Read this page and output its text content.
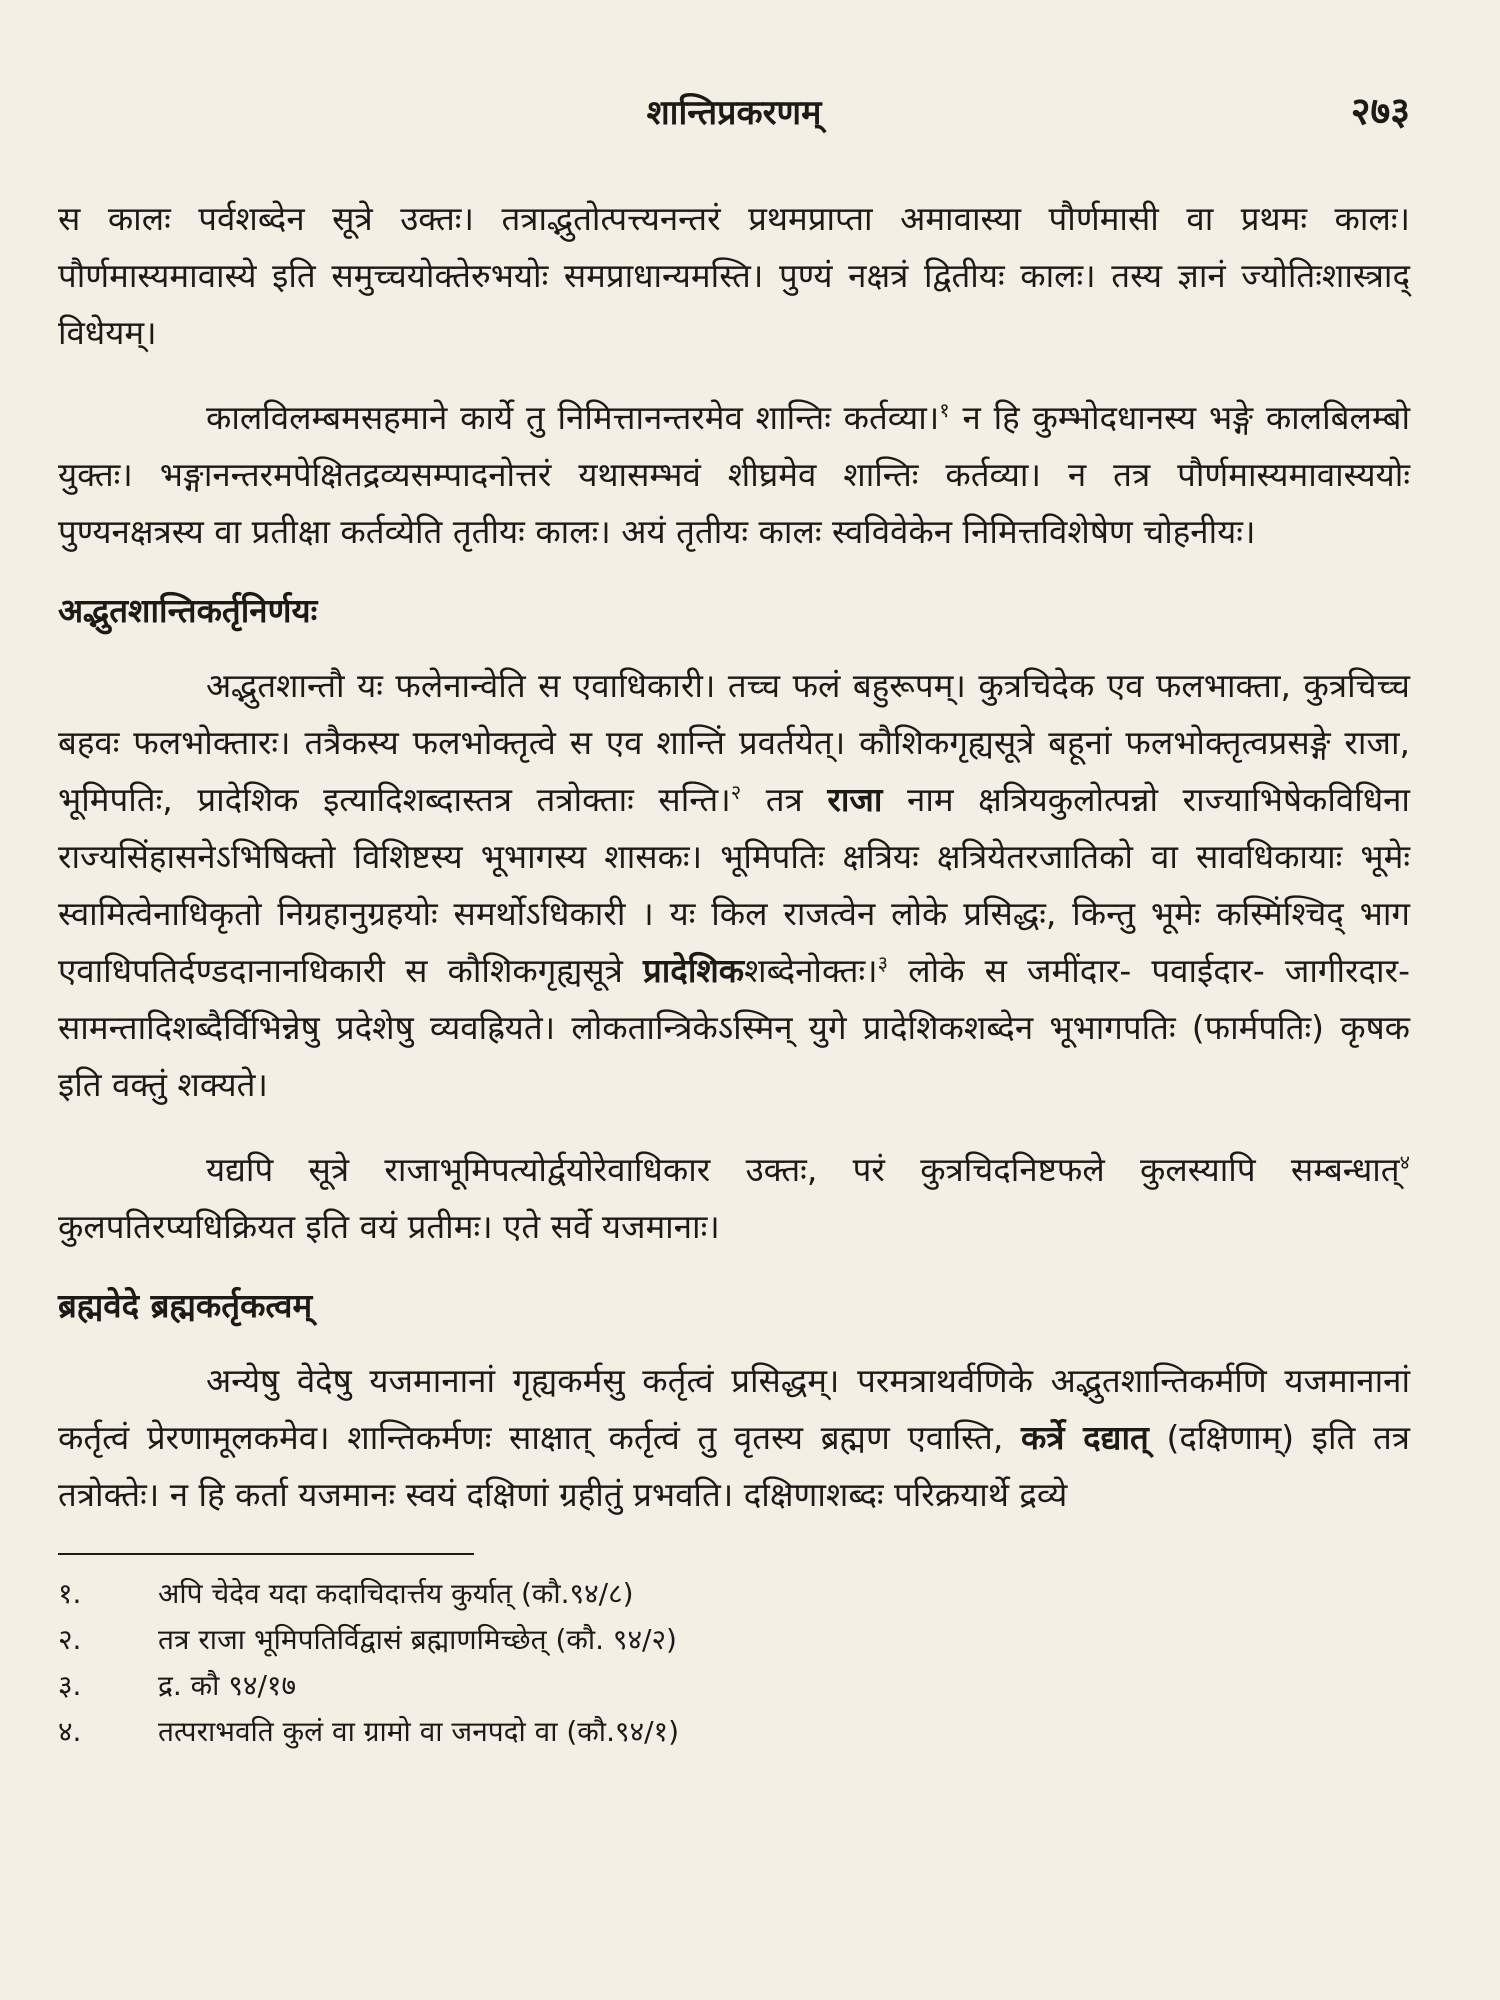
शान्तिप्रकरणम्	२७३

स कालः पर्वशब्देन सूत्रे उक्तः। तत्राद्भुतोत्पत्त्यनन्तरं प्रथमप्राप्ता अमावास्या पौर्णमासी वा प्रथमः कालः। पौर्णमास्यमावास्ये इति समुच्चयोक्तेरुभयोः समप्राधान्यमस्ति। पुण्यं नक्षत्रं द्वितीयः कालः। तस्य ज्ञानं ज्योतिःशास्त्राद् विधेयम्।

कालविलम्बमसहमाने कार्ये तु निमित्तानन्तरमेव शान्तिः कर्तव्या।$^१$ न हि कुम्भोदधानस्य भङ्गे कालबिलम्बो युक्तः। भङ्गानन्तरमपेक्षितद्रव्यसम्पादनोत्तरं यथासम्भवं शीघ्रमेव शान्तिः कर्तव्या। न तत्र पौर्णमास्यमावास्ययोः पुण्यनक्षत्रस्य वा प्रतीक्षा कर्तव्येति तृतीयः कालः। अयं तृतीयः कालः स्वविवेकेन निमित्तविशेषेण चोहनीयः।

अद्भुतशान्तिकर्तृनिर्णयः

अद्भुतशान्तौ यः फलेनान्वेति स एवाधिकारी। तच्च फलं बहुरूपम्। कुत्रचिदेक एव फलभाक्ता, कुत्रचिच्च बहवः फलभोक्तारः। तत्रैकस्य फलभोक्तृत्वे स एव शान्तिं प्रवर्तयेत्। कौशिकगृह्यसूत्रे बहूनां फलभोक्तृत्वप्रसङ्गे राजा, भूमिपतिः, प्रादेशिक इत्यादिशब्दास्तत्र तत्रोक्ताः सन्ति।$^२$ तत्र राजा नाम क्षत्रियकुलोत्पन्नो राज्याभिषेकविधिना राज्यसिंहासनेऽभिषिक्तो विशिष्टस्य भूभागस्य शासकः। भूमिपतिः क्षत्रियः क्षत्रियेतरजातिको वा सावधिकायाः भूमेः स्वामित्वेनाधिकृतो निग्रहानुग्रहयोः समर्थोऽधिकारी । यः किल राजत्वेन लोके प्रसिद्धः, किन्तु भूमेः कस्मिंश्चिद् भाग एवाधिपतिर्दण्डदानानधिकारी स कौशिकगृह्यसूत्रे प्रादेशिकशब्देनोक्तः।$^३$ लोके स जमींदार- पवाईदार- जागीरदार- सामन्तादिशब्दैर्विभिन्नेषु प्रदेशेषु व्यवह्रियते। लोकतान्त्रिकेऽस्मिन् युगे प्रादेशिकशब्देन भूभागपतिः (फार्मपतिः) कृषक इति वक्तुं शक्यते।

यद्यपि सूत्रे राजाभूमिपत्योर्द्वयोरेवाधिकार उक्तः, परं कुत्रचिदनिष्टफले कुलस्यापि सम्बन्धात्$^४$ कुलपतिरप्यधिक्रियत इति वयं प्रतीमः। एते सर्वे यजमानाः।

ब्रह्मवेदे ब्रह्मकर्तृकत्वम्

अन्येषु वेदेषु यजमानानां गृह्यकर्मसु कर्तृत्वं प्रसिद्धम्। परमत्राथर्वणिके अद्भुतशान्तिकर्मणि यजमानानां कर्तृत्वं प्रेरणामूलकमेव। शान्तिकर्मणः साक्षात् कर्तृत्वं तु वृतस्य ब्रह्मण एवास्ति, कर्त्रे दद्यात् (दक्षिणाम्) इति तत्र तत्रोक्तेः। न हि कर्ता यजमानः स्वयं दक्षिणां ग्रहीतुं प्रभवति। दक्षिणाशब्दः परिक्रयार्थे द्रव्ये

१.	अपि चेदेव यदा कदाचिदार्त्तय कुर्यात् (कौ.९४/८)
२.	तत्र राजा भूमिपतिर्विद्वासं ब्रह्माणमिच्छेत् (कौ. ९४/२)
३.	द्र. कौ ९४/१७
४.	तत्पराभवति कुलं वा ग्रामो वा जनपदो वा (कौ.९४/१)
